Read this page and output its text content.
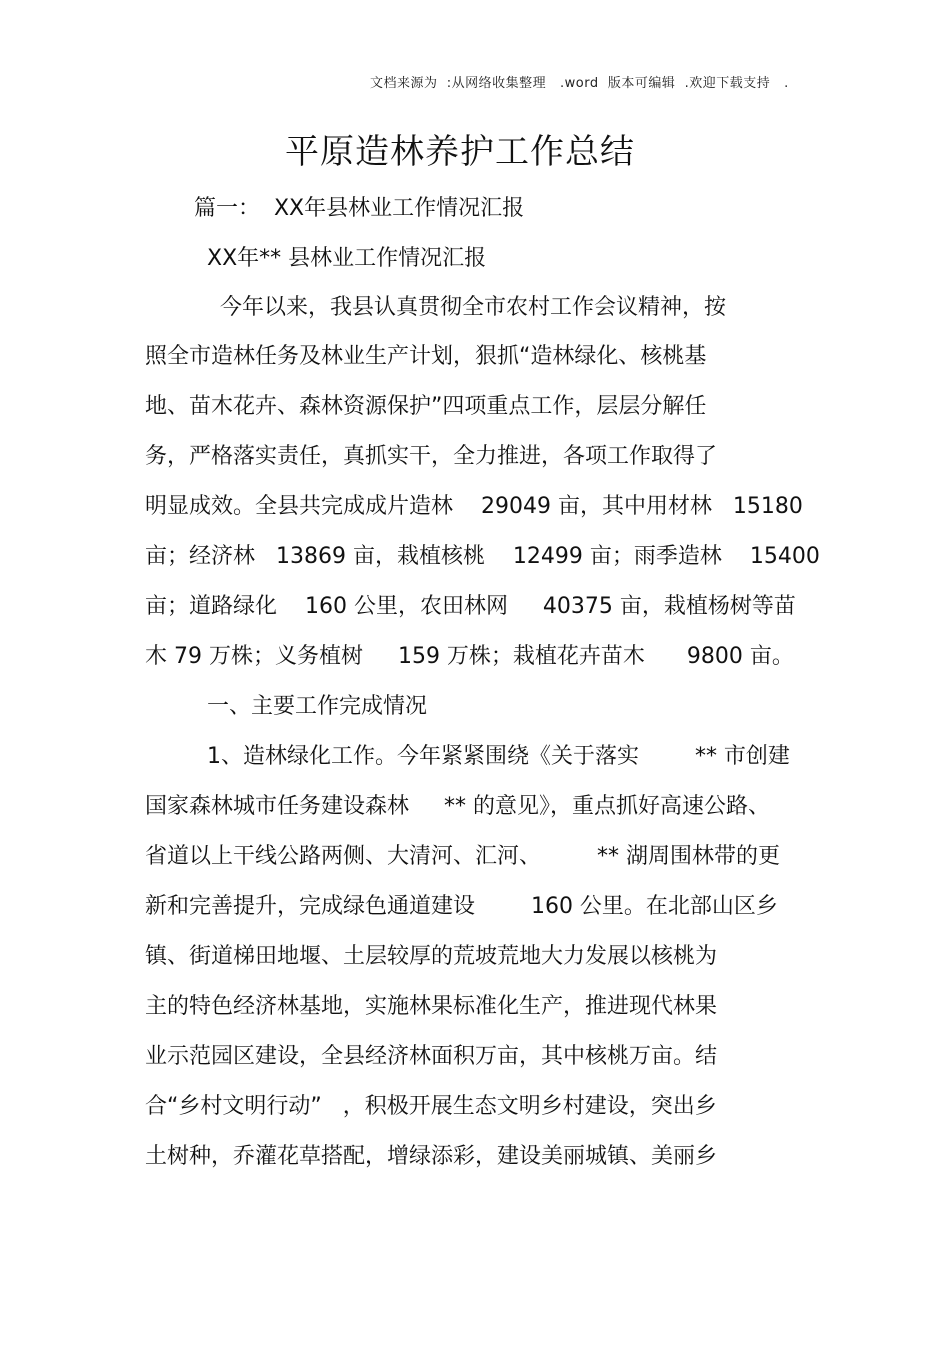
文档来源为  :从网络收集整理   .word  版本可编辑  .欢迎下载支持   .
平原造林养护工作总结
篇一：  XX年县林业工作情况汇报
XX年** 县林业工作情况汇报
今年以来，我县认真贯彻全市农村工作会议精神，按
照全市造林任务及林业生产计划，狠抓“造林绿化、核桃基
地、苗木花卉、森林资源保护”四项重点工作，层层分解任
务，严格落实责任，真抓实干，全力推进，各项工作取得了
明显成效。全县共完成成片造林    29049 亩，其中用材林   15180
亩；经济林   13869 亩，栽植核桃    12499 亩；雨季造林    15400
亩；道路绿化    160 公里，农田林网     40375 亩，栽植杨树等苗
木 79 万株；义务植树     159 万株；栽植花卉苗木      9800 亩。
一、主要工作完成情况
1、造林绿化工作。今年紧紧围绕《关于落实        ** 市创建
国家森林城市任务建设森林     ** 的意见》，重点抓好高速公路、
省道以上干线公路两侧、大清河、汇河、        ** 湖周围林带的更
新和完善提升，完成绿色通道建设        160 公里。在北部山区乡
镇、街道梯田地堰、土层较厚的荒坡荒地大力发展以核桃为
主的特色经济林基地，实施林果标准化生产，推进现代林果
业示范园区建设，全县经济林面积万亩，其中核桃万亩。结
合“乡村文明行动”   ，积极开展生态文明乡村建设，突出乡
土树种，乔灌花草搭配，增绿添彩，建设美丽城镇、美丽乡
